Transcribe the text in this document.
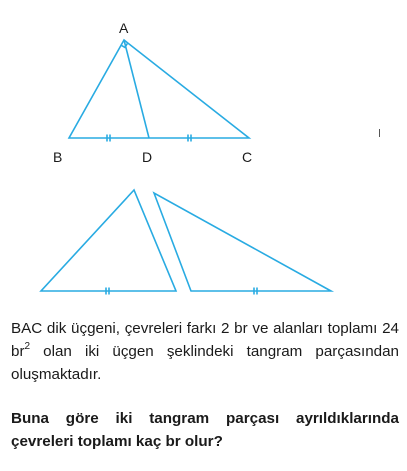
A
B	D	C

BAC dik üçgeni, çevreleri farkı 2 br ve alanları toplamı 24 $br^2$ olan iki üçgen şeklindeki tangram parçasından oluşmaktadır.

Buna göre iki tangram parçası ayrıldıklarında çevreleri toplamı kaç br olur?
